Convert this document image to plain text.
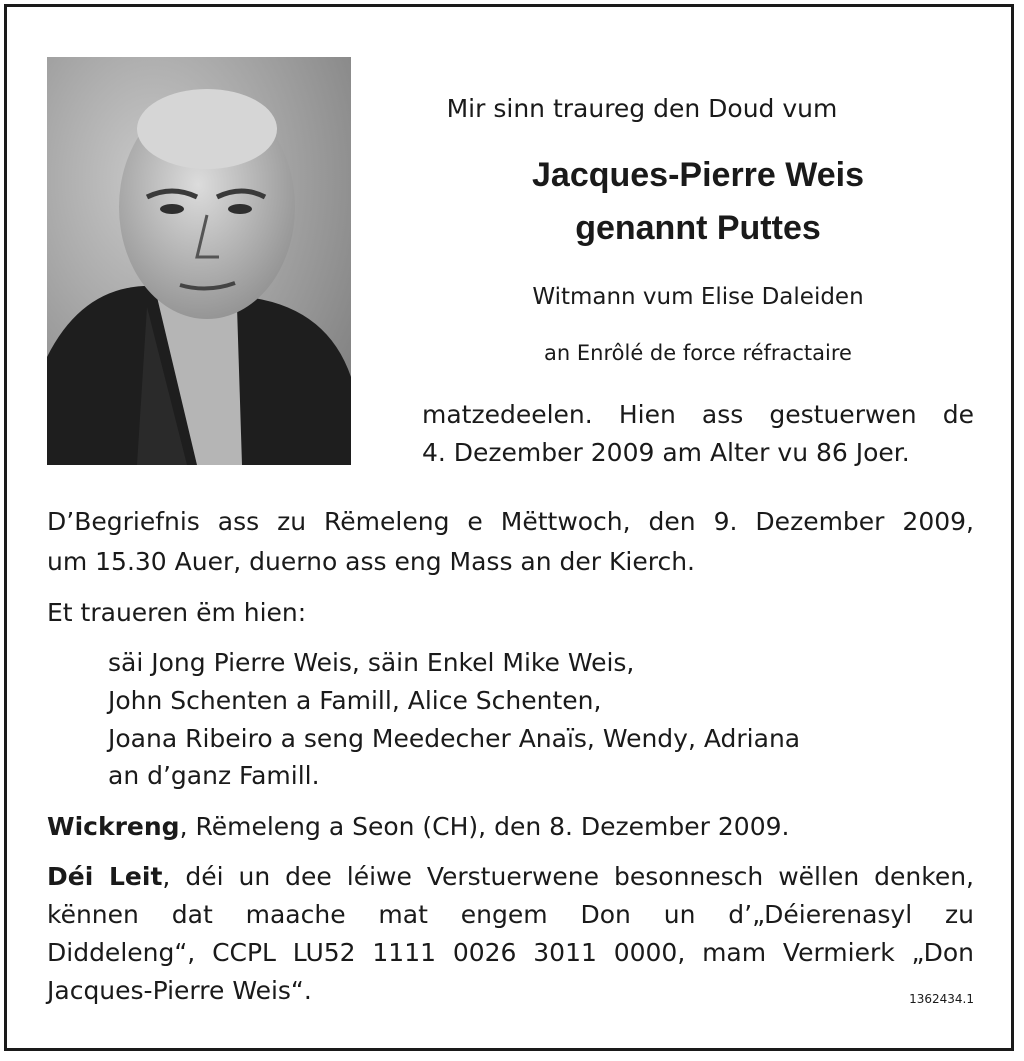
Mir sinn traureg den Doud vum
Jacques-Pierre Weis
genannt Puttes
Witmann vum Elise Daleiden
an Enrôlé de force réfractaire
matzedeelen. Hien ass gestuerwen de
4. Dezember 2009 am Alter vu 86 Joer.
D’Begriefnis ass zu Rëmeleng e Mëttwoch, den 9. Dezember 2009,
um 15.30 Auer, duerno ass eng Mass an der Kierch.
Et traueren ëm hien:
säi Jong Pierre Weis, säin Enkel Mike Weis,
John Schenten a Famill, Alice Schenten,
Joana Ribeiro a seng Meedecher Anaïs, Wendy, Adriana
an d’ganz Famill.
Wickreng, Rëmeleng a Seon (CH), den 8. Dezember 2009.
Déi Leit, déi un dee léiwe Verstuerwene besonnesch wëllen denken,
kënnen dat maache mat engem Don un d’„Déierenasyl zu
Diddeleng“, CCPL LU52 1111 0026 3011 0000, mam Vermierk „Don
Jacques-Pierre Weis“.	1362434.1
